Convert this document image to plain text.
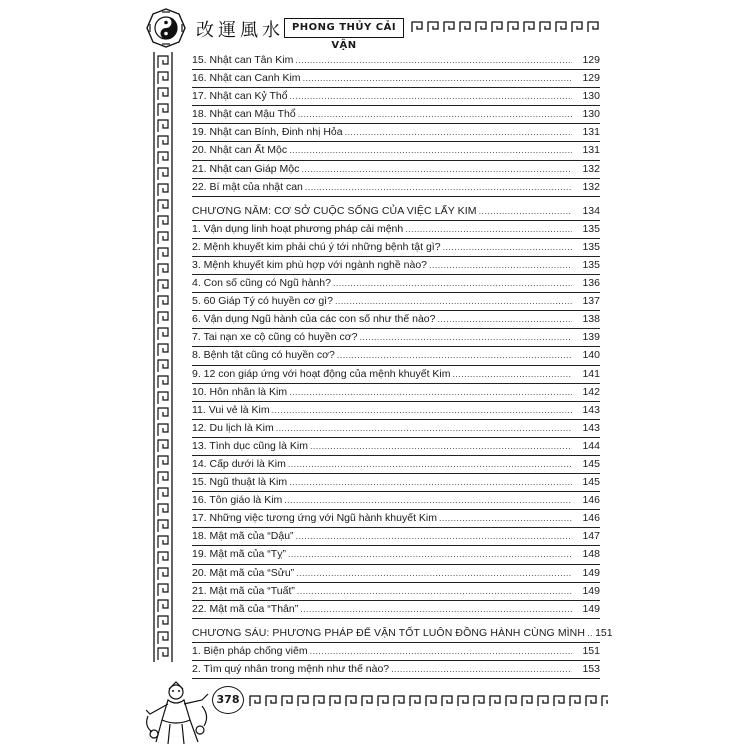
改運風水 PHONG THỦY CẢI VẬN
15. Nhật can Tân Kim .....	129
16. Nhật can Canh Kim .....	129
17. Nhật can Kỷ Thổ .....	130
18. Nhật can Mậu Thổ .....	130
19. Nhật can Bính, Đinh nhị Hỏa .....	131
20. Nhật can Ất Mộc .....	131
21. Nhật can Giáp Mộc .....	132
22. Bí mật của nhật can .....	132
CHƯƠNG NĂM: CƠ SỞ CUỘC SỐNG CỦA VIỆC LẤY KIM .....	134
1. Vận dụng linh hoạt phương pháp cải mệnh .....	135
2. Mệnh khuyết kim phải chú ý tới những bệnh tật gì? .....	135
3. Mệnh khuyết kim phù hợp với ngành nghề nào? .....	135
4. Con số cũng có Ngũ hành? .....	136
5. 60 Giáp Tý có huyền cơ gì? .....	137
6. Vận dụng Ngũ hành của các con số như thế nào? .....	138
7. Tai nạn xe cộ cũng có huyền cơ? .....	139
8. Bệnh tật cũng có huyền cơ? .....	140
9. 12 con giáp ứng với hoạt động của mệnh khuyết Kim .....	141
10. Hôn nhân là Kim .....	142
11. Vui vẻ là Kim .....	143
12. Du lịch là Kim .....	143
13. Tình dục cũng là Kim .....	144
14. Cấp dưới là Kim .....	145
15. Ngũ thuật là Kim .....	145
16. Tôn giáo là Kim .....	146
17. Những việc tương ứng với Ngũ hành khuyết Kim .....	146
18. Mật mã của “Dậu” .....	147
19. Mật mã của “Tỵ” .....	148
20. Mật mã của “Sửu” .....	149
21. Mật mã của “Tuất” .....	149
22. Mật mã của “Thân” .....	149
CHƯƠNG SÁU: PHƯƠNG PHÁP ĐỂ VẬN TỐT LUÔN ĐỒNG HÀNH CÙNG MÌNH ..... 151
1. Biện pháp chống viêm .....	151
2. Tìm quý nhân trong mệnh như thế nào? .....	153
378
